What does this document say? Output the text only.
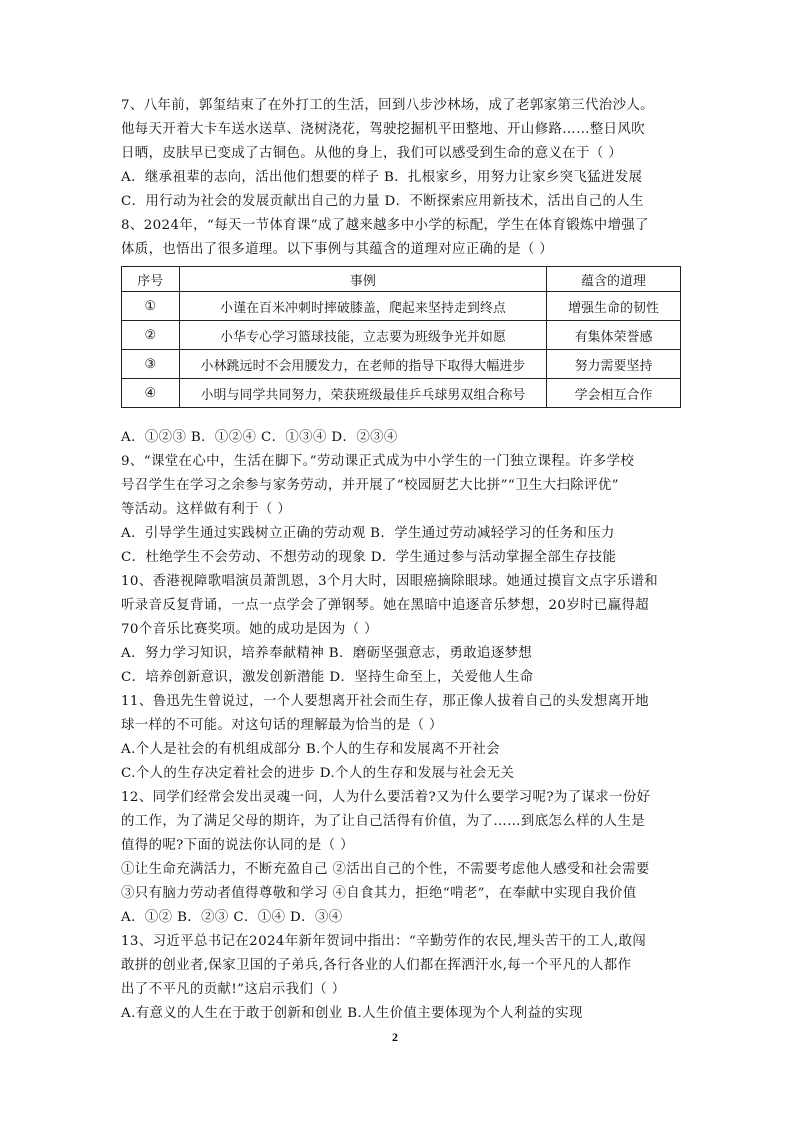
7、八年前，郭玺结束了在外打工的生活，回到八步沙林场，成了老郭家第三代治沙人。
他每天开着大卡车送水送草、浇树浇花，驾驶挖掘机平田整地、开山修路……整日风吹
日晒，皮肤早已变成了古铜色。从他的身上，我们可以感受到生命的意义在于（ ）
A．继承祖辈的志向，活出他们想要的样子 B．扎根家乡，用努力让家乡突飞猛进发展
C．用行动为社会的发展贡献出自己的力量 D．不断探索应用新技术，活出自己的人生
8、2024年，“每天一节体育课”成了越来越多中小学的标配，学生在体育锻炼中增强了
体质，也悟出了很多道理。以下事例与其蕴含的道理对应正确的是（ ）
序号	事例	蕴含的道理
①	小谨在百米冲刺时摔破膝盖，爬起来坚持走到终点	增强生命的韧性
②	小华专心学习篮球技能，立志要为班级争光并如愿	有集体荣誉感
③	小林跳远时不会用腰发力，在老师的指导下取得大幅进步	努力需要坚持
④	小明与同学共同努力，荣获班级最佳乒乓球男双组合称号	学会相互合作
A．①②③ B．①②④ C．①③④ D．②③④
9、“课堂在心中，生活在脚下。”劳动课正式成为中小学生的一门独立课程。许多学校
号召学生在学习之余参与家务劳动，并开展了“校园厨艺大比拼”“卫生大扫除评优”
等活动。这样做有利于（ ）
A．引导学生通过实践树立正确的劳动观 B．学生通过劳动减轻学习的任务和压力
C．杜绝学生不会劳动、不想劳动的现象 D．学生通过参与活动掌握全部生存技能
10、香港视障歌唱演员萧凯恩，3个月大时，因眼癌摘除眼球。她通过摸盲文点字乐谱和
听录音反复背诵，一点一点学会了弹钢琴。她在黑暗中追逐音乐梦想，20岁时已赢得超
70个音乐比赛奖项。她的成功是因为（ ）
A．努力学习知识，培养奉献精神 B．磨砺坚强意志，勇敢追逐梦想
C．培养创新意识，激发创新潜能 D．坚持生命至上，关爱他人生命
11、鲁迅先生曾说过，一个人要想离开社会而生存，那正像人拔着自己的头发想离开地
球一样的不可能。对这句话的理解最为恰当的是（ ）
A.个人是社会的有机组成部分 B.个人的生存和发展离不开社会
C.个人的生存决定着社会的进步 D.个人的生存和发展与社会无关
12、同学们经常会发出灵魂一问，人为什么要活着?又为什么要学习呢?为了谋求一份好
的工作，为了满足父母的期许，为了让自己活得有价值，为了……到底怎么样的人生是
值得的呢?下面的说法你认同的是（ ）
①让生命充满活力，不断充盈自己 ②活出自己的个性，不需要考虑他人感受和社会需要
③只有脑力劳动者值得尊敬和学习 ④自食其力，拒绝“啃老”，在奉献中实现自我价值
A．①② B．②③ C．①④ D．③④
13、习近平总书记在2024年新年贺词中指出：“辛勤劳作的农民,埋头苦干的工人,敢闯
敢拼的创业者,保家卫国的子弟兵,各行各业的人们都在挥洒汗水,每一个平凡的人都作
出了不平凡的贡献!”这启示我们（ ）
A.有意义的人生在于敢于创新和创业 B.人生价值主要体现为个人利益的实现
2
